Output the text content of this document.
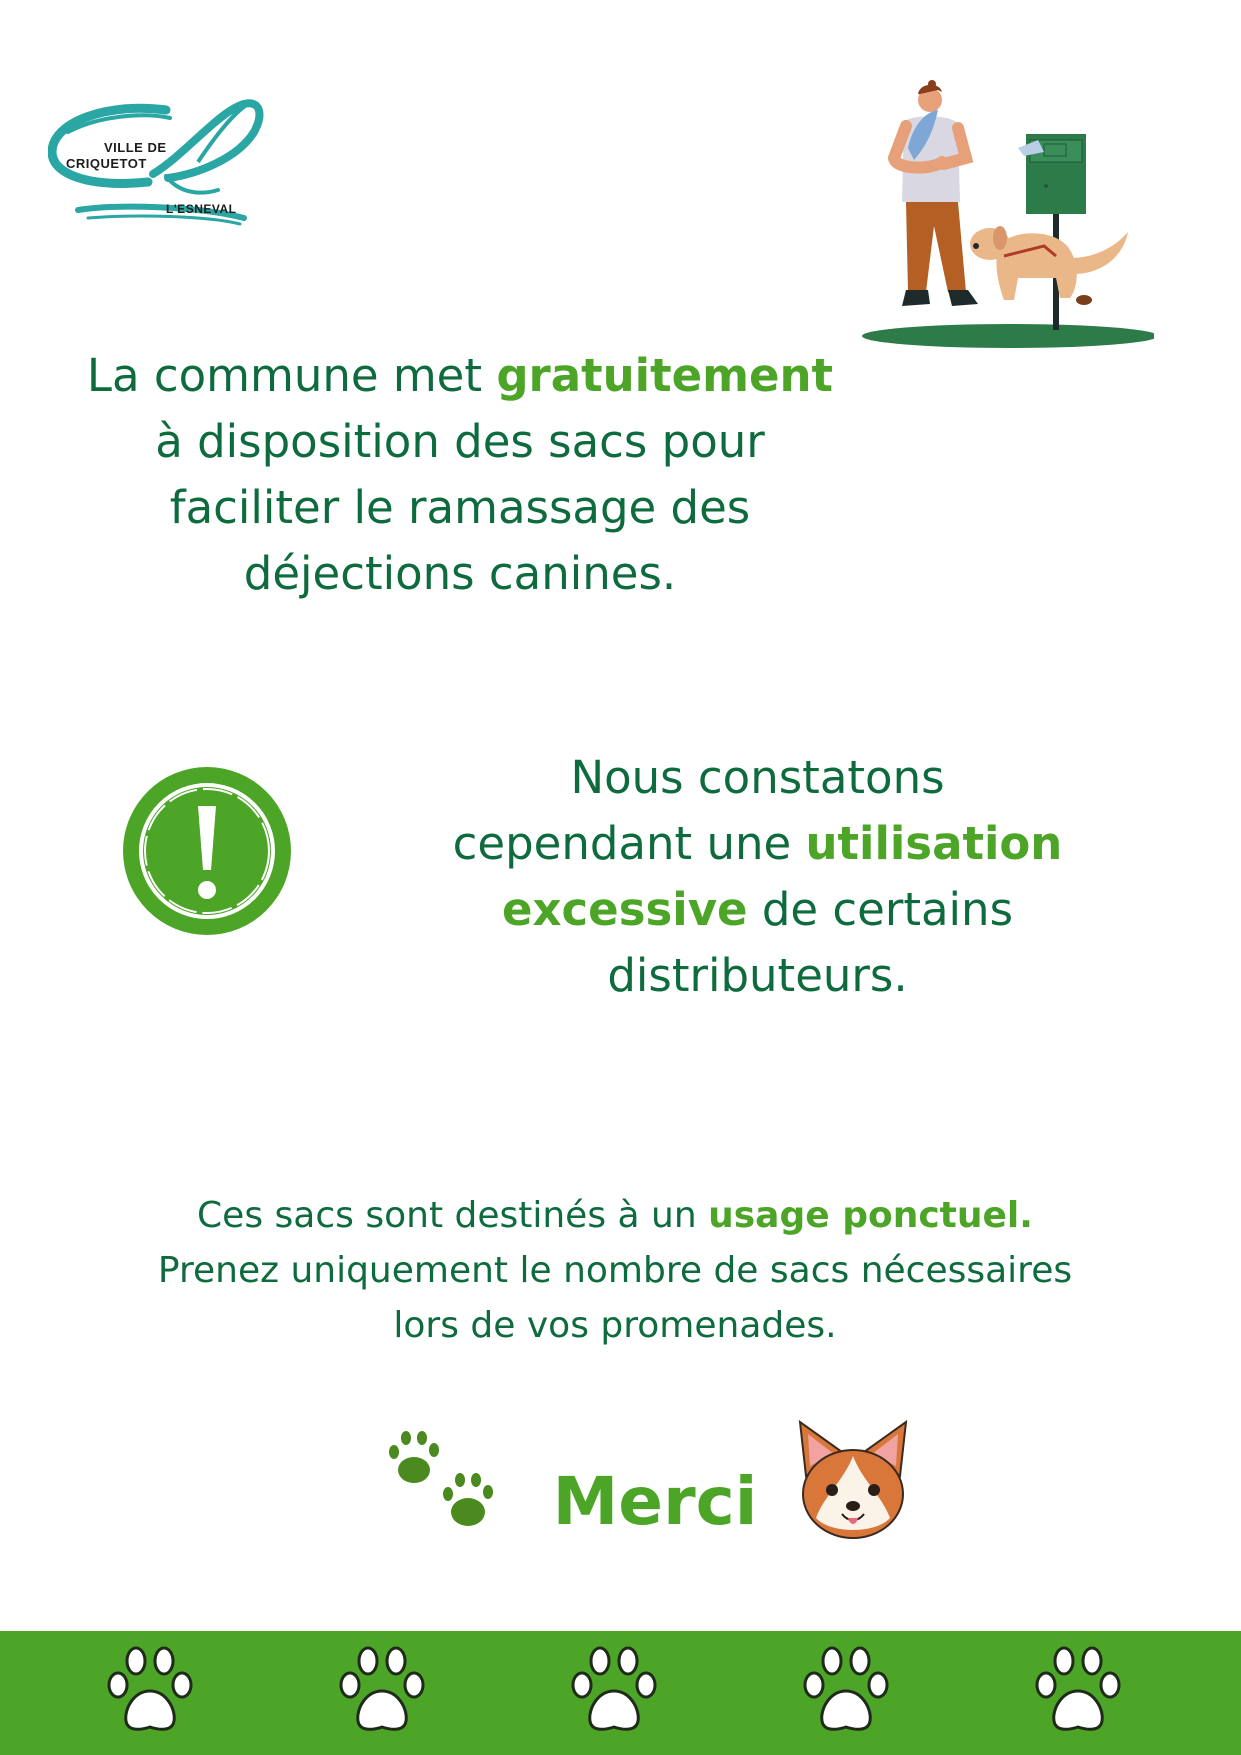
VILLE DE
CRIQUETOT
L'ESNEVAL

La commune met gratuitement
à disposition des sacs pour
faciliter le ramassage des
déjections canines.

Nous constatons
cependant une utilisation
excessive de certains
distributeurs.

Ces sacs sont destinés à un usage ponctuel.
Prenez uniquement le nombre de sacs nécessaires
lors de vos promenades.

Merci
